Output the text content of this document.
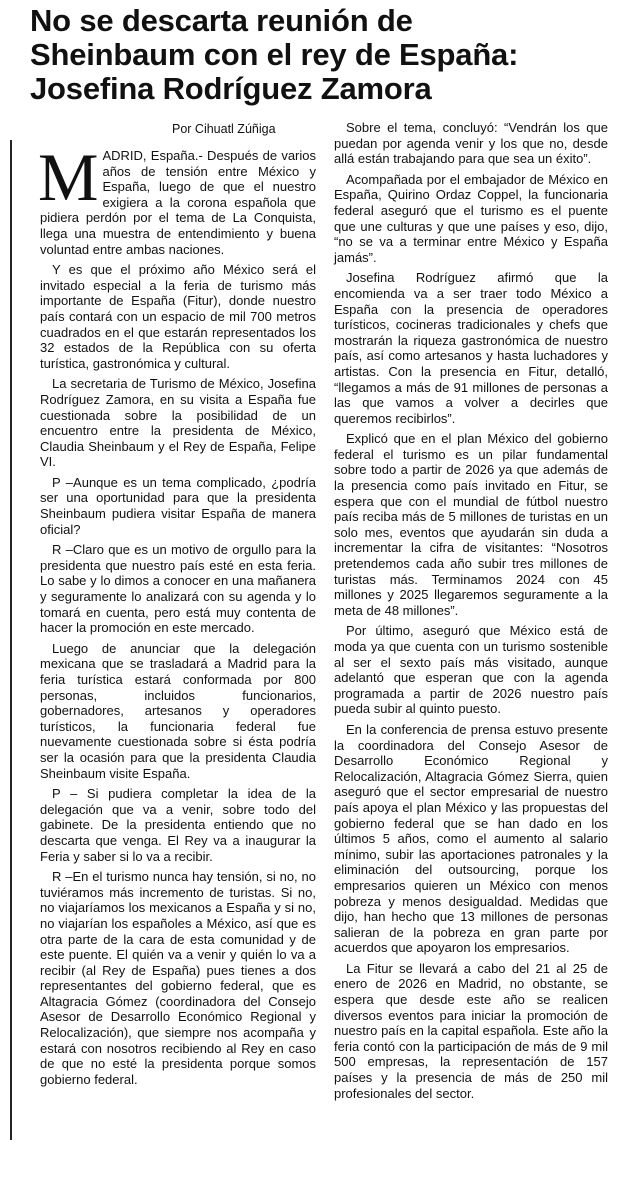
No se descarta reunión de
Sheinbaum con el rey de España:
Josefina Rodríguez Zamora
Por Cihuatl Zúñiga

MADRID, España.- Después de varios años de tensión entre México y España, luego de que el nuestro exigiera a la corona española que pidiera perdón por el tema de La Conquista, llega una muestra de entendimiento y buena voluntad entre ambas naciones.

Y es que el próximo año México será el invitado especial a la feria de turismo más importante de España (Fitur), donde nuestro país contará con un espacio de mil 700 metros cuadrados en el que estarán representados los 32 estados de la República con su oferta turística, gastronómica y cultural.

La secretaria de Turismo de México, Josefina Rodríguez Zamora, en su visita a España fue cuestionada sobre la posibilidad de un encuentro entre la presidenta de México, Claudia Sheinbaum y el Rey de España, Felipe VI.

P –Aunque es un tema complicado, ¿podría ser una oportunidad para que la presidenta Sheinbaum pudiera visitar España de manera oficial?

R –Claro que es un motivo de orgullo para la presidenta que nuestro país esté en esta feria. Lo sabe y lo dimos a conocer en una mañanera y seguramente lo analizará con su agenda y lo tomará en cuenta, pero está muy contenta de hacer la promoción en este mercado.

Luego de anunciar que la delegación mexicana que se trasladará a Madrid para la feria turística estará conformada por 800 personas, incluidos funcionarios, gobernadores, artesanos y operadores turísticos, la funcionaria federal fue nuevamente cuestionada sobre si ésta podría ser la ocasión para que la presidenta Claudia Sheinbaum visite España.

P – Si pudiera completar la idea de la delegación que va a venir, sobre todo del gabinete. De la presidenta entiendo que no descarta que venga. El Rey va a inaugurar la Feria y saber si lo va a recibir.

R –En el turismo nunca hay tensión, si no, no tuviéramos más incremento de turistas. Si no, no viajaríamos los mexicanos a España y si no, no viajarían los españoles a México, así que es otra parte de la cara de esta comunidad y de este puente. El quién va a venir y quién lo va a recibir (al Rey de España) pues tienes a dos representantes del gobierno federal, que es Altagracia Gómez (coordinadora del Consejo Asesor de Desarrollo Económico Regional y Relocalización), que siempre nos acompaña y estará con nosotros recibiendo al Rey en caso de que no esté la presidenta porque somos gobierno federal.

Sobre el tema, concluyó: “Vendrán los que puedan por agenda venir y los que no, desde allá están trabajando para que sea un éxito”.

Acompañada por el embajador de México en España, Quirino Ordaz Coppel, la funcionaria federal aseguró que el turismo es el puente que une culturas y que une países y eso, dijo, “no se va a terminar entre México y España jamás”.

Josefina Rodríguez afirmó que la encomienda va a ser traer todo México a España con la presencia de operadores turísticos, cocineras tradicionales y chefs que mostrarán la riqueza gastronómica de nuestro país, así como artesanos y hasta luchadores y artistas. Con la presencia en Fitur, detalló, “llegamos a más de 91 millones de personas a las que vamos a volver a decirles que queremos recibirlos”.

Explicó que en el plan México del gobierno federal el turismo es un pilar fundamental sobre todo a partir de 2026 ya que además de la presencia como país invitado en Fitur, se espera que con el mundial de fútbol nuestro país reciba más de 5 millones de turistas en un solo mes, eventos que ayudarán sin duda a incrementar la cifra de visitantes: “Nosotros pretendemos cada año subir tres millones de turistas más. Terminamos 2024 con 45 millones y 2025 llegaremos seguramente a la meta de 48 millones”.

Por último, aseguró que México está de moda ya que cuenta con un turismo sostenible al ser el sexto país más visitado, aunque adelantó que esperan que con la agenda programada a partir de 2026 nuestro país pueda subir al quinto puesto.

En la conferencia de prensa estuvo presente la coordinadora del Consejo Asesor de Desarrollo Económico Regional y Relocalización, Altagracia Gómez Sierra, quien aseguró que el sector empresarial de nuestro país apoya el plan México y las propuestas del gobierno federal que se han dado en los últimos 5 años, como el aumento al salario mínimo, subir las aportaciones patronales y la eliminación del outsourcing, porque los empresarios quieren un México con menos pobreza y menos desigualdad. Medidas que dijo, han hecho que 13 millones de personas salieran de la pobreza en gran parte por acuerdos que apoyaron los empresarios.

La Fitur se llevará a cabo del 21 al 25 de enero de 2026 en Madrid, no obstante, se espera que desde este año se realicen diversos eventos para iniciar la promoción de nuestro país en la capital española. Este año la feria contó con la participación de más de 9 mil 500 empresas, la representación de 157 países y la presencia de más de 250 mil profesionales del sector.
